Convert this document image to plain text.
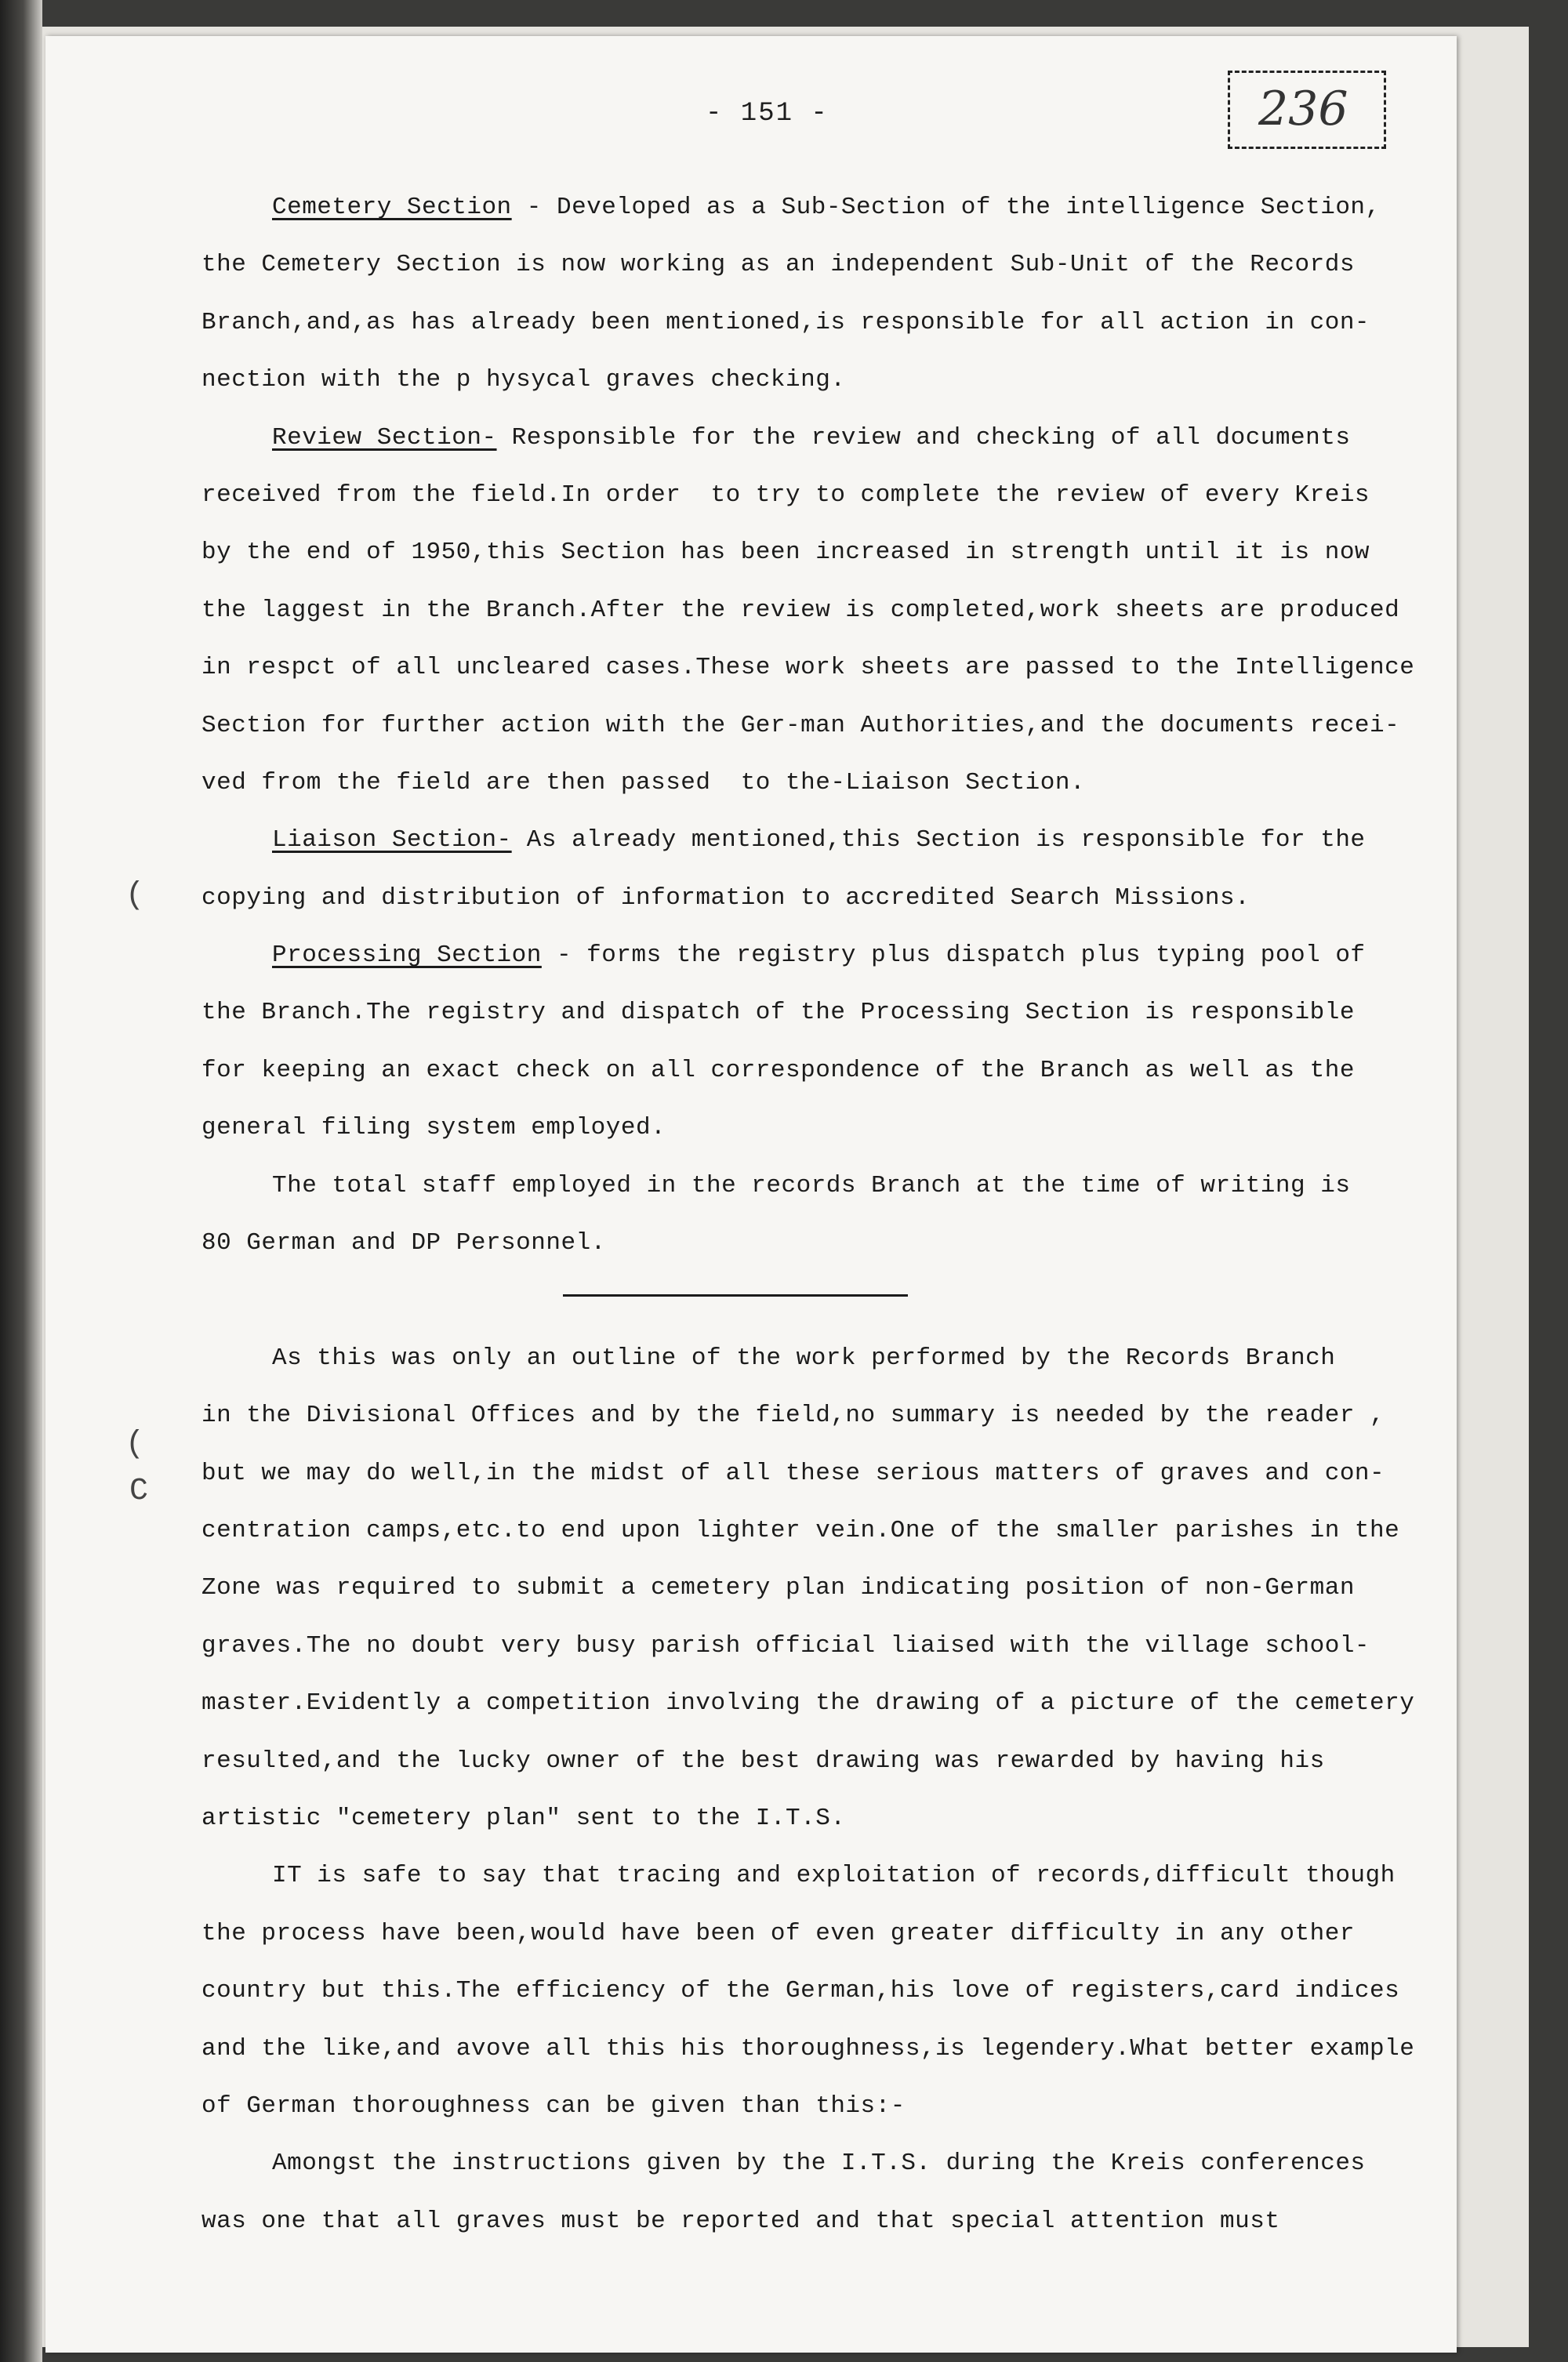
- 151 -	236
Cemetery Section - Developed as a Sub-Section of the intelligence Section,
the Cemetery Section is now working as an independent Sub-Unit of the Records
Branch,and,as has already been mentioned,is responsible for all action in con-
nection with the p hysycal graves checking.
Review Section- Responsible for the review and checking of all documents
received from the field.In order  to try to complete the review of every Kreis
by the end of 1950,this Section has been increased in strength until it is now
the laggest in the Branch.After the review is completed,work sheets are produced
in respct of all uncleared cases.These work sheets are passed to the Intelligence
Section for further action with the Ger-man Authorities,and the documents recei-
ved from the field are then passed  to the-Liaison Section.
Liaison Section- As already mentioned,this Section is responsible for the
copying and distribution of information to accredited Search Missions.
Processing Section - forms the registry plus dispatch plus typing pool of
the Branch.The registry and dispatch of the Processing Section is responsible
for keeping an exact check on all correspondence of the Branch as well as the
general filing system employed.
The total staff employed in the records Branch at the time of writing is
80 German and DP Personnel.
As this was only an outline of the work performed by the Records Branch
in the Divisional Offices and by the field,no summary is needed by the reader ,
but we may do well,in the midst of all these serious matters of graves and con-
centration camps,etc.to end upon lighter vein.One of the smaller parishes in the
Zone was required to submit a cemetery plan indicating position of non-German
graves.The no doubt very busy parish official liaised with the village school-
master.Evidently a competition involving the drawing of a picture of the cemetery
resulted,and the lucky owner of the best drawing was rewarded by having his
artistic "cemetery plan" sent to the I.T.S.
IT is safe to say that tracing and exploitation of records,difficult though
the process have been,would have been of even greater difficulty in any other
country but this.The efficiency of the German,his love of registers,card indices
and the like,and avove all this his thoroughness,is legendery.What better example
of German thoroughness can be given than this:-
Amongst the instructions given by the I.T.S. during the Kreis conferences
was one that all graves must be reported and that special attention must
(
(
C
